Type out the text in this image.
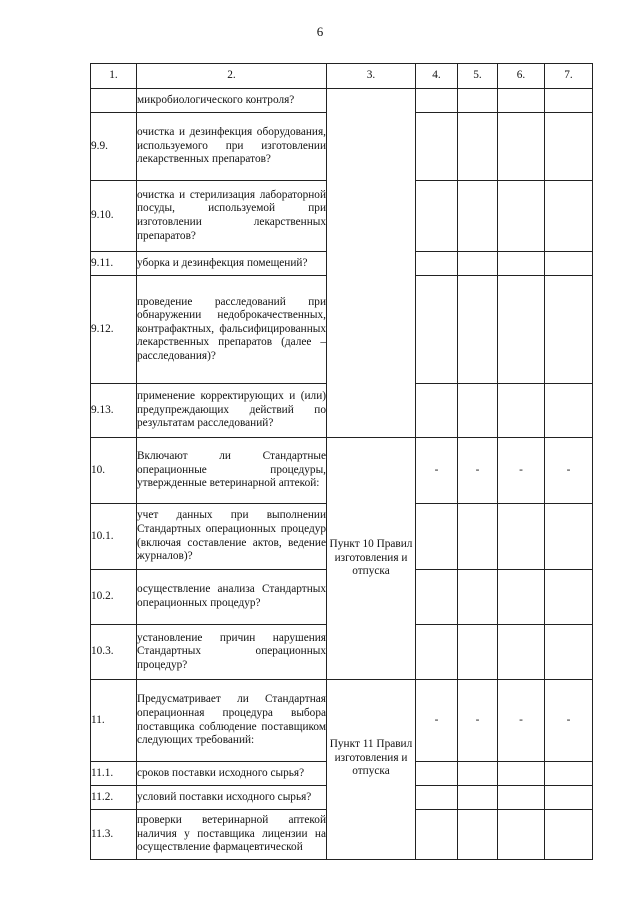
6
1.	2.	3.	4.	5.	6.	7.
	микробиологического контроля?					
9.9.	очистка и дезинфекция оборудования, используемого при изготовлении лекарственных препаратов?					
9.10.	очистка и стерилизация лабораторной посуды, используемой при изготовлении лекарственных препаратов?					
9.11.	уборка и дезинфекция помещений?					
9.12.	проведение расследований при обнаружении недоброкачественных, контрафактных, фальсифицированных лекарственных препаратов (далее – расследования)?					
9.13.	применение корректирующих и (или) предупреждающих действий по результатам расследований?					
10.	Включают ли Стандартные операционные процедуры, утвержденные ветеринарной аптекой:	Пункт 10 Правил изготовления и отпуска	-	-	-	-
10.1.	учет данных при выполнении Стандартных операционных процедур (включая составление актов, ведение журналов)?					
10.2.	осуществление анализа Стандартных операционных процедур?					
10.3.	установление причин нарушения Стандартных операционных процедур?					
11.	Предусматривает ли Стандартная операционная процедура выбора поставщика соблюдение поставщиком следующих требований:	Пункт 11 Правил изготовления и отпуска	-	-	-	-
11.1.	сроков поставки исходного сырья?					
11.2.	условий поставки исходного сырья?					
11.3.	проверки ветеринарной аптекой наличия у поставщика лицензии на осуществление фармацевтической					
